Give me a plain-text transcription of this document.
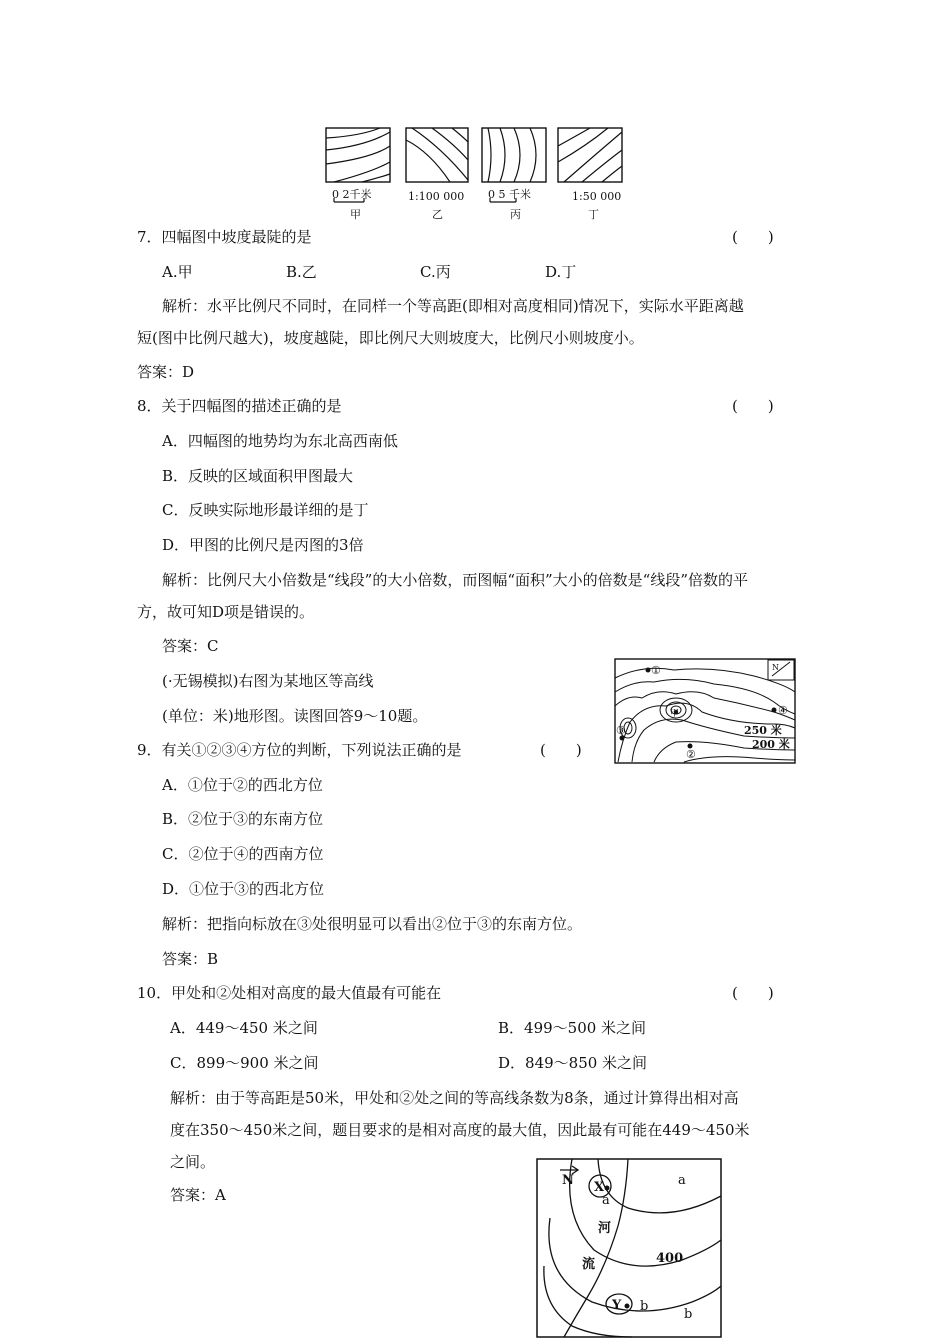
0 2千米	1:100 000 0 5 千米	1:50 000
甲	乙	丙	丁
7．四幅图中坡度最陡的是	(　　)
A.甲	B.乙	C.丙	D.丁
解析：水平比例尺不同时，在同样一个等高距(即相对高度相同)情况下，实际水平距离越
短(图中比例尺越大)，坡度越陡，即比例尺大则坡度大，比例尺小则坡度小。
答案：D
8．关于四幅图的描述正确的是	(　　)
A．四幅图的地势均为东北高西南低
B．反映的区域面积甲图最大
C．反映实际地形最详细的是丁
D．甲图的比例尺是丙图的3倍
解析：比例尺大小倍数是“线段”的大小倍数，而图幅“面积”大小的倍数是“线段”倍数的平
方，故可知D项是错误的。
答案：C
(·无锡模拟)右图为某地区等高线
(单位：米)地形图。读图回答9～10题。
①
④
③
②
甲
N
250 米
200 米
9．有关①②③④方位的判断，下列说法正确的是	(　　)
A．①位于②的西北方位
B．②位于③的东南方位
C．②位于④的西南方位
D．①位于③的西北方位
解析：把指向标放在③处很明显可以看出②位于③的东南方位。
答案：B
10．甲处和②处相对高度的最大值最有可能在	(　　)
A．449～450 米之间	B．499～500 米之间
C．899～900 米之间	D．849～850 米之间
解析：由于等高距是50米，甲处和②处之间的等高线条数为8条，通过计算得出相对高
度在350～450米之间，题目要求的是相对高度的最大值，因此最有可能在449～450米
之间。
答案：A
N X
a
a
河
流	400
Y b
b
